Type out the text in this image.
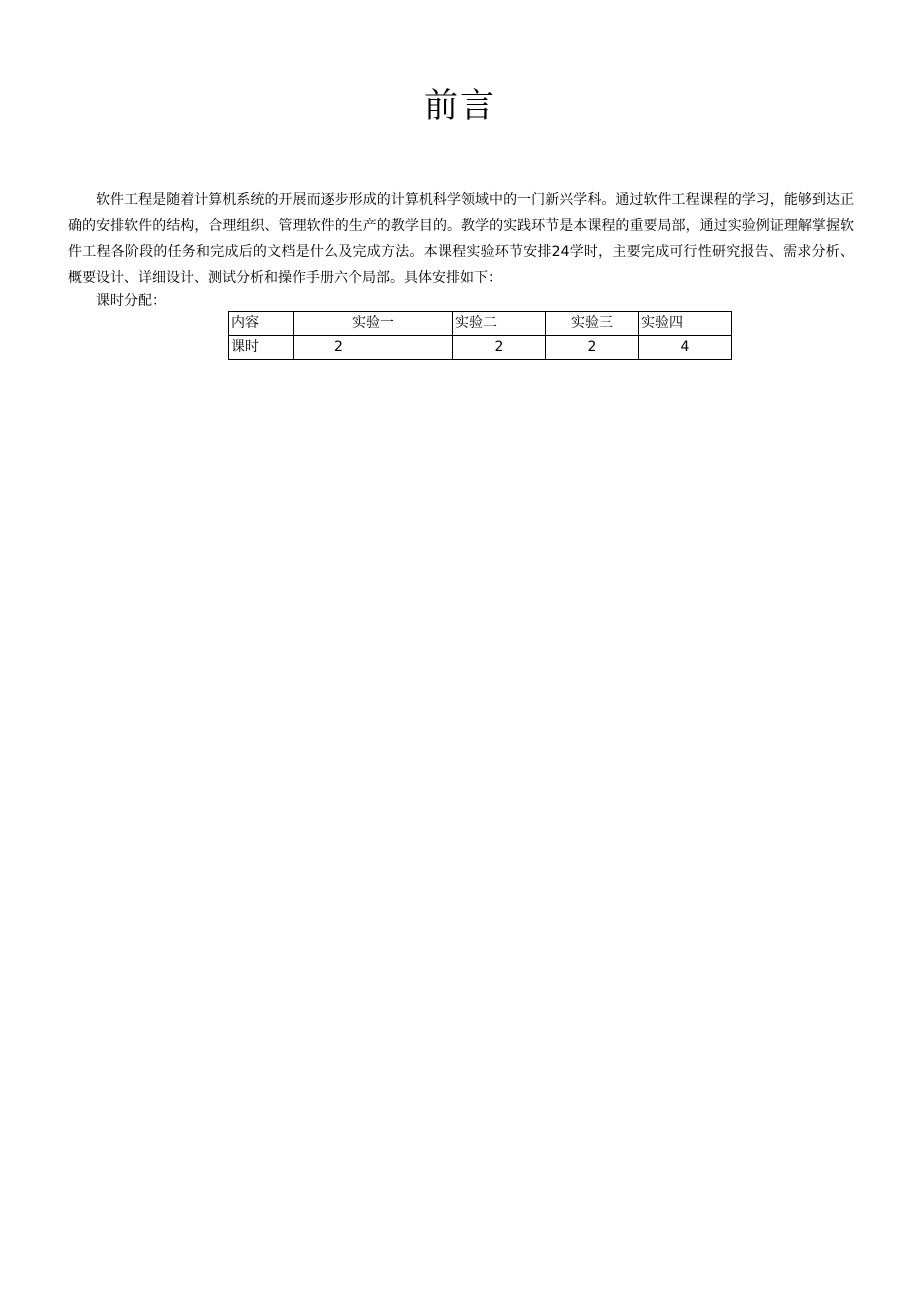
前言

软件工程是随着计算机系统的开展而逐步形成的计算机科学领域中的一门新兴学科。通过软件工程课程的学习，能够到达正确的安排软件的结构，合理组织、管理软件的生产的教学目的。教学的实践环节是本课程的重要局部，通过实验例证理解掌握软件工程各阶段的任务和完成后的文档是什么及完成方法。本课程实验环节安排24学时，主要完成可行性研究报告、需求分析、概要设计、详细设计、测试分析和操作手册六个局部。具体安排如下：

课时分配：
内容	实验一	实验二	实验三	实验四
课时	2	2	2	4
